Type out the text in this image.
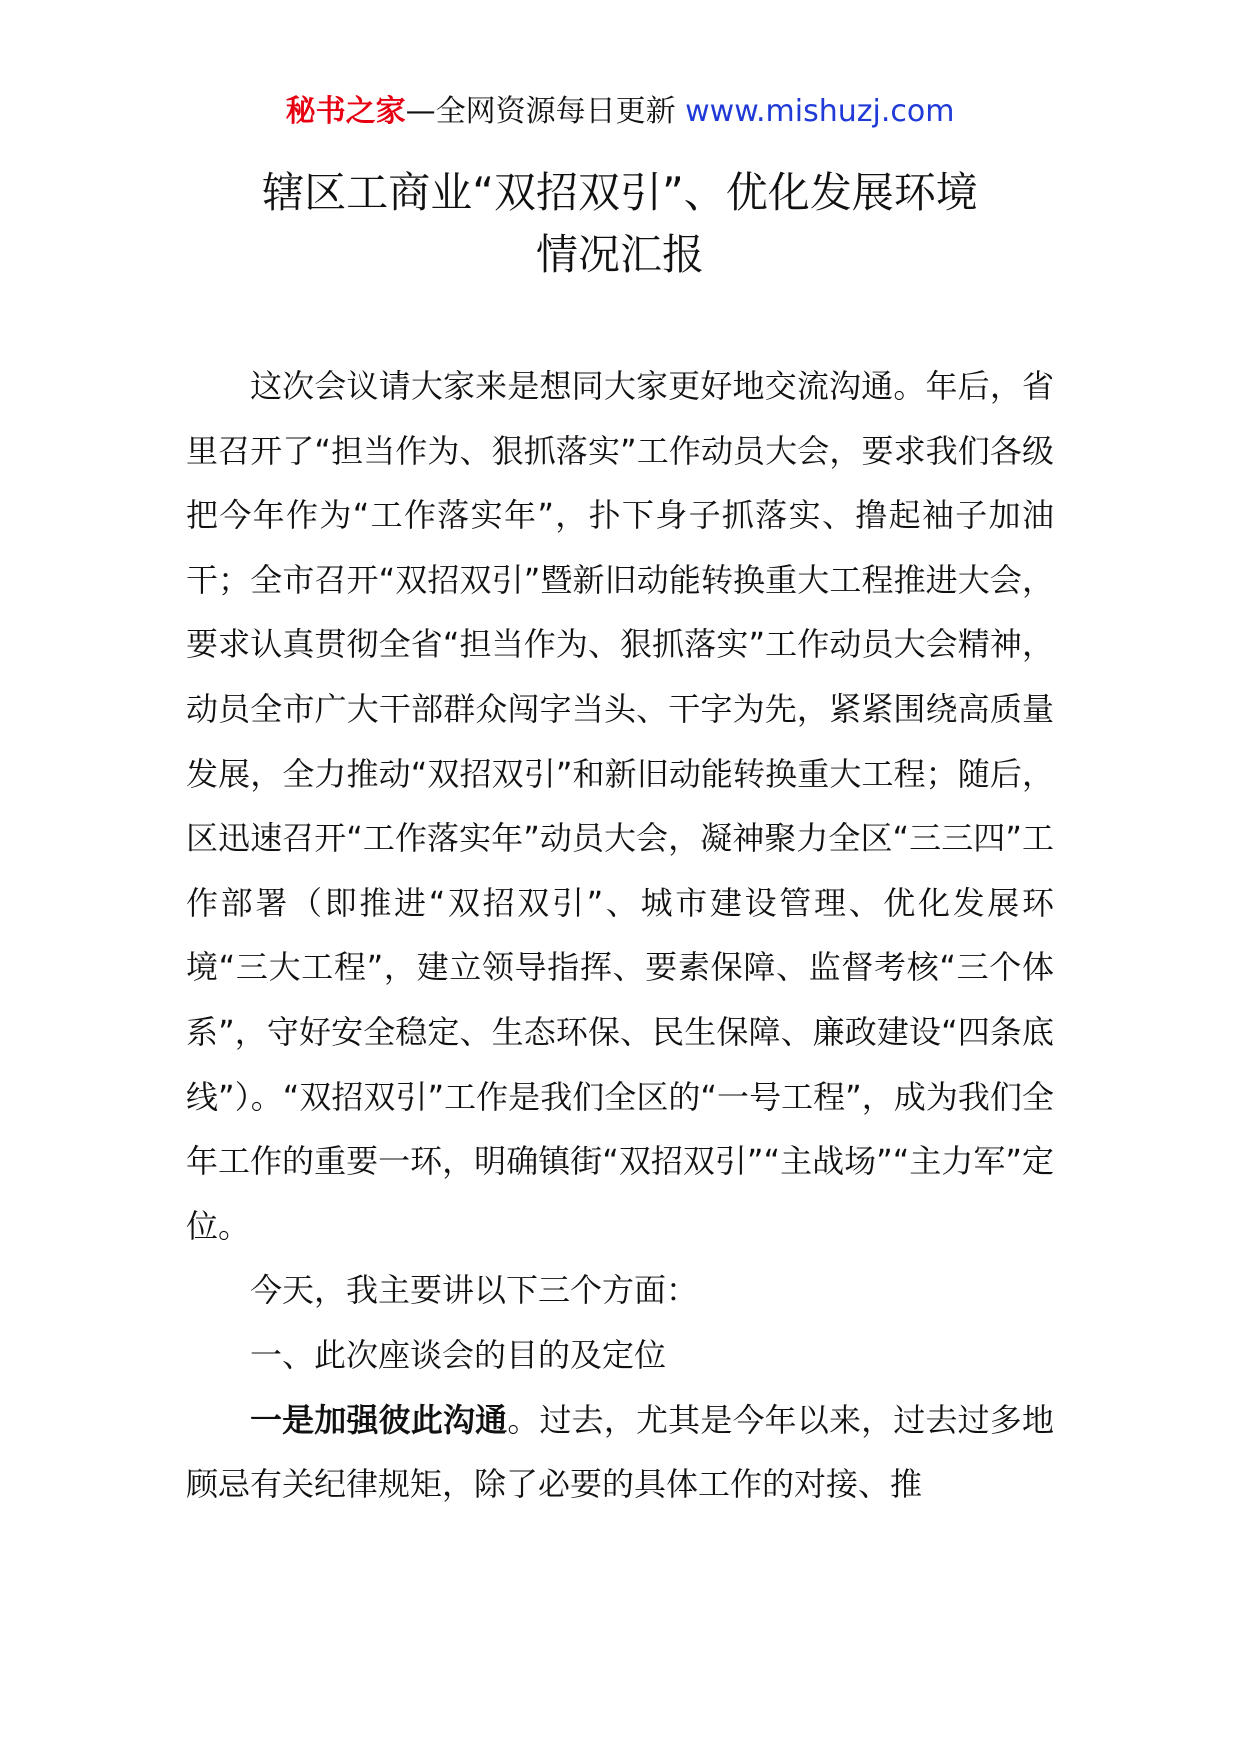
秘书之家—全网资源每日更新 www.mishuzj.com
辖区工商业“双招双引”、优化发展环境
情况汇报

这次会议请大家来是想同大家更好地交流沟通。年后，省里召开了“担当作为、狠抓落实”工作动员大会，要求我们各级把今年作为“工作落实年”，扑下身子抓落实、撸起袖子加油干；全市召开“双招双引”暨新旧动能转换重大工程推进大会，要求认真贯彻全省“担当作为、狠抓落实”工作动员大会精神，动员全市广大干部群众闯字当头、干字为先，紧紧围绕高质量发展，全力推动“双招双引”和新旧动能转换重大工程；随后，区迅速召开“工作落实年”动员大会，凝神聚力全区“三三四”工作部署（即推进“双招双引”、城市建设管理、优化发展环境“三大工程”，建立领导指挥、要素保障、监督考核“三个体系”，守好安全稳定、生态环保、民生保障、廉政建设“四条底线”）。“双招双引”工作是我们全区的“一号工程”，成为我们全年工作的重要一环，明确镇街“双招双引”“主战场”“主力军”定位。

今天，我主要讲以下三个方面：

一、此次座谈会的目的及定位

一是加强彼此沟通。过去，尤其是今年以来，过去过多地顾忌有关纪律规矩，除了必要的具体工作的对接、推
